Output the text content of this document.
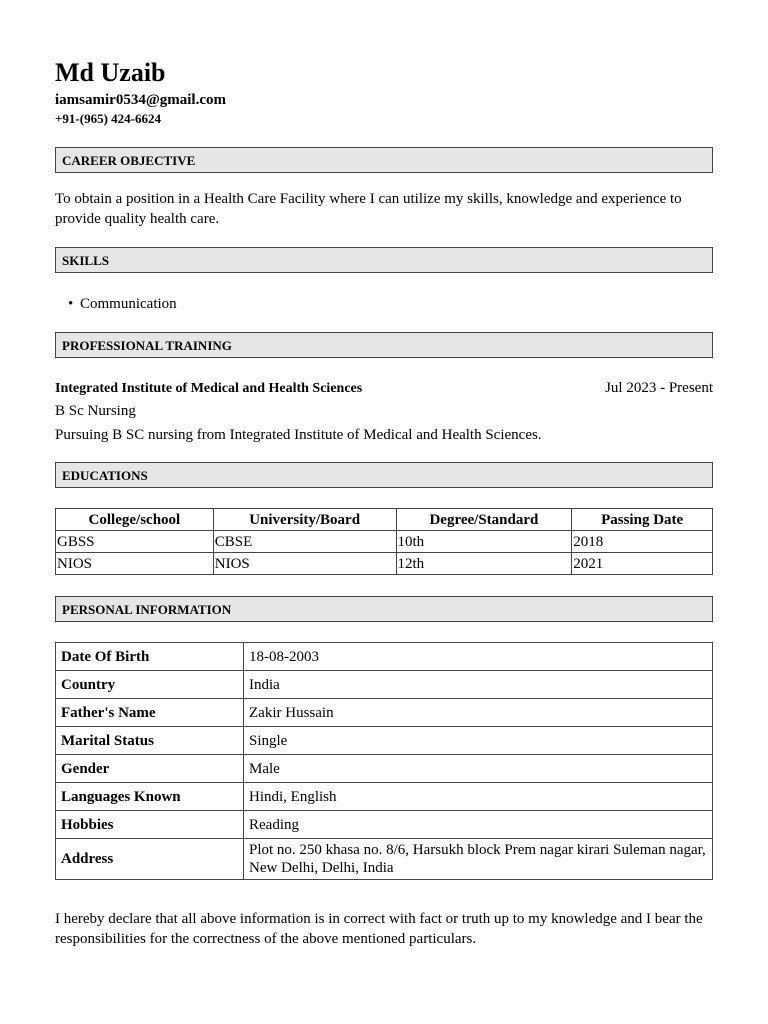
Md Uzaib
iamsamir0534@gmail.com
+91-(965) 424-6624
CAREER OBJECTIVE
To obtain a position in a Health Care Facility where I can utilize my skills, knowledge and experience to provide quality health care.
SKILLS
• Communication
PROFESSIONAL TRAINING
Integrated Institute of Medical and Health Sciences	Jul 2023 - Present
B Sc Nursing
Pursuing B SC nursing from Integrated Institute of Medical and Health Sciences.
EDUCATIONS
College/school	University/Board	Degree/Standard	Passing Date
GBSS	CBSE	10th	2018
NIOS	NIOS	12th	2021
PERSONAL INFORMATION
Date Of Birth	18-08-2003
Country	India
Father's Name	Zakir Hussain
Marital Status	Single
Gender	Male
Languages Known	Hindi, English
Hobbies	Reading
Address	Plot no. 250 khasa no. 8/6, Harsukh block Prem nagar kirari Suleman nagar, New Delhi, Delhi, India
I hereby declare that all above information is in correct with fact or truth up to my knowledge and I bear the responsibilities for the correctness of the above mentioned particulars.
